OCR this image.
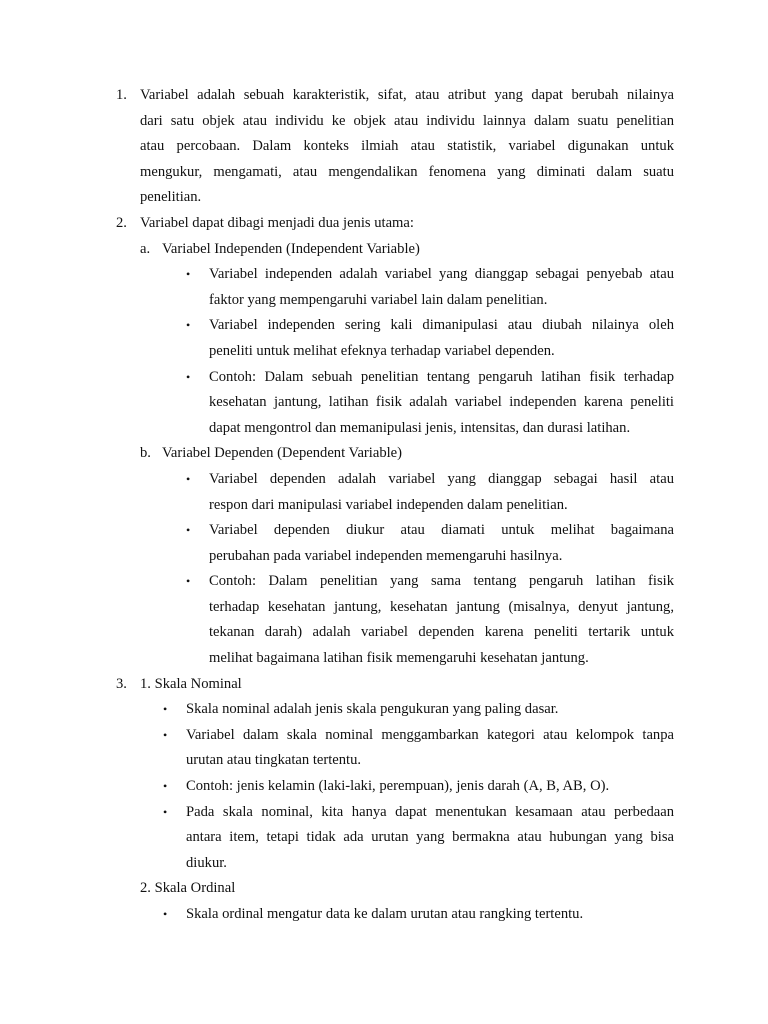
1. Variabel adalah sebuah karakteristik, sifat, atau atribut yang dapat berubah nilainya
dari satu objek atau individu ke objek atau individu lainnya dalam suatu penelitian
atau percobaan. Dalam konteks ilmiah atau statistik, variabel digunakan untuk
mengukur, mengamati, atau mengendalikan fenomena yang diminati dalam suatu
penelitian.
2. Variabel dapat dibagi menjadi dua jenis utama:
a. Variabel Independen (Independent Variable)
• Variabel independen adalah variabel yang dianggap sebagai penyebab atau
faktor yang mempengaruhi variabel lain dalam penelitian.
• Variabel independen sering kali dimanipulasi atau diubah nilainya oleh
peneliti untuk melihat efeknya terhadap variabel dependen.
• Contoh: Dalam sebuah penelitian tentang pengaruh latihan fisik terhadap
kesehatan jantung, latihan fisik adalah variabel independen karena peneliti
dapat mengontrol dan memanipulasi jenis, intensitas, dan durasi latihan.
b. Variabel Dependen (Dependent Variable)
• Variabel dependen adalah variabel yang dianggap sebagai hasil atau
respon dari manipulasi variabel independen dalam penelitian.
• Variabel dependen diukur atau diamati untuk melihat bagaimana
perubahan pada variabel independen memengaruhi hasilnya.
• Contoh: Dalam penelitian yang sama tentang pengaruh latihan fisik
terhadap kesehatan jantung, kesehatan jantung (misalnya, denyut jantung,
tekanan darah) adalah variabel dependen karena peneliti tertarik untuk
melihat bagaimana latihan fisik memengaruhi kesehatan jantung.
3. 1. Skala Nominal
• Skala nominal adalah jenis skala pengukuran yang paling dasar.
• Variabel dalam skala nominal menggambarkan kategori atau kelompok tanpa
urutan atau tingkatan tertentu.
• Contoh: jenis kelamin (laki-laki, perempuan), jenis darah (A, B, AB, O).
• Pada skala nominal, kita hanya dapat menentukan kesamaan atau perbedaan
antara item, tetapi tidak ada urutan yang bermakna atau hubungan yang bisa
diukur.
2. Skala Ordinal
• Skala ordinal mengatur data ke dalam urutan atau rangking tertentu.
